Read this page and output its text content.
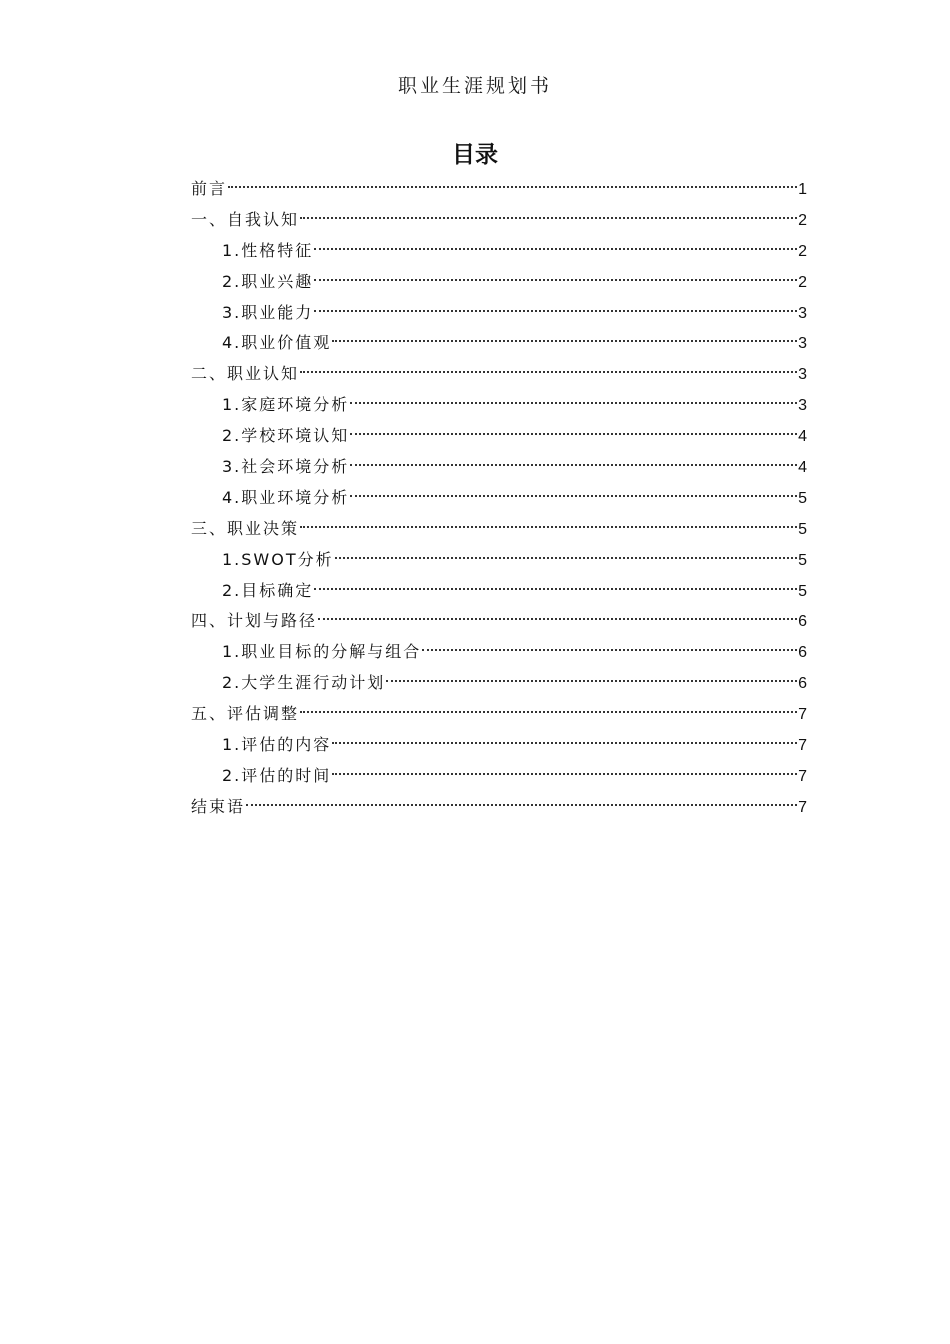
职业生涯规划书
目录
前言	1
一、自我认知	2
1.性格特征	2
2.职业兴趣	2
3.职业能力	3
4.职业价值观	3
二、职业认知	3
1.家庭环境分析	3
2.学校环境认知	4
3.社会环境分析	4
4.职业环境分析	5
三、职业决策	5
1.SWOT分析	5
2.目标确定	5
四、计划与路径	6
1.职业目标的分解与组合	6
2.大学生涯行动计划	6
五、评估调整	7
1.评估的内容	7
2.评估的时间	7
结束语	7
